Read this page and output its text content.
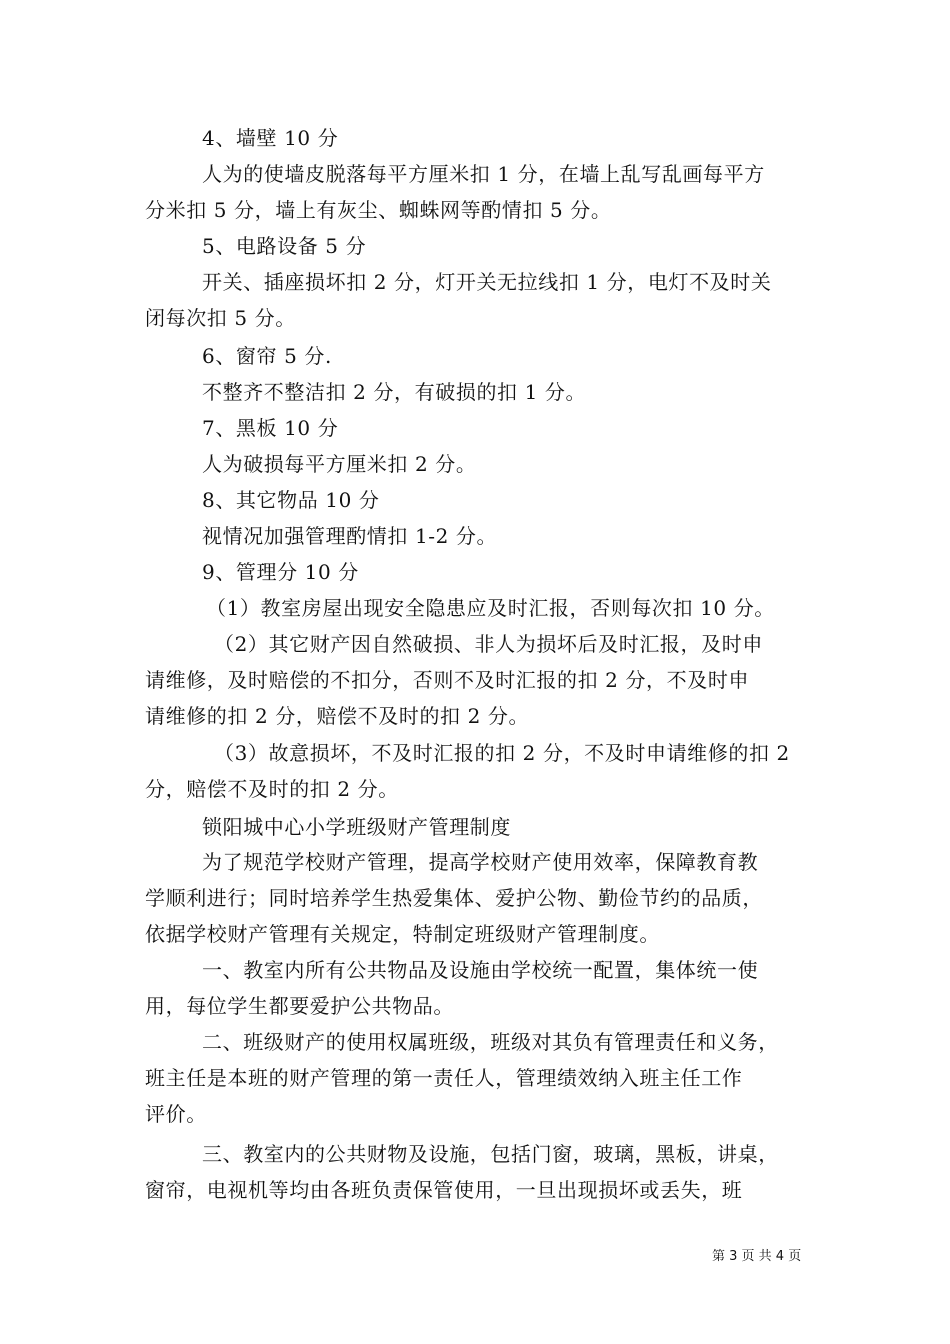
4、墙壁 10 分
人为的使墙皮脱落每平方厘米扣 1 分，在墙上乱写乱画每平方
分米扣 5 分，墙上有灰尘、蜘蛛网等酌情扣 5 分。
5、电路设备 5 分
开关、插座损坏扣 2 分，灯开关无拉线扣 1 分，电灯不及时关
闭每次扣 5 分。
6、窗帘 5 分.
不整齐不整洁扣 2 分，有破损的扣 1 分。
7、黑板 10 分
人为破损每平方厘米扣 2 分。
8、其它物品 10 分
视情况加强管理酌情扣 1-2 分。
9、管理分 10 分
（1）教室房屋出现安全隐患应及时汇报，否则每次扣 10 分。
（2）其它财产因自然破损、非人为损坏后及时汇报，及时申
请维修，及时赔偿的不扣分，否则不及时汇报的扣 2 分，不及时申
请维修的扣 2 分，赔偿不及时的扣 2 分。
（3）故意损坏，不及时汇报的扣 2 分，不及时申请维修的扣 2
分，赔偿不及时的扣 2 分。
锁阳城中心小学班级财产管理制度
为了规范学校财产管理，提高学校财产使用效率，保障教育教
学顺利进行；同时培养学生热爱集体、爱护公物、勤俭节约的品质，
依据学校财产管理有关规定，特制定班级财产管理制度。
一、教室内所有公共物品及设施由学校统一配置，集体统一使
用，每位学生都要爱护公共物品。
二、班级财产的使用权属班级，班级对其负有管理责任和义务，
班主任是本班的财产管理的第一责任人，管理绩效纳入班主任工作
评价。
三、教室内的公共财物及设施，包括门窗，玻璃，黑板，讲桌，
窗帘，电视机等均由各班负责保管使用，一旦出现损坏或丢失，班
第 3 页 共 4 页
